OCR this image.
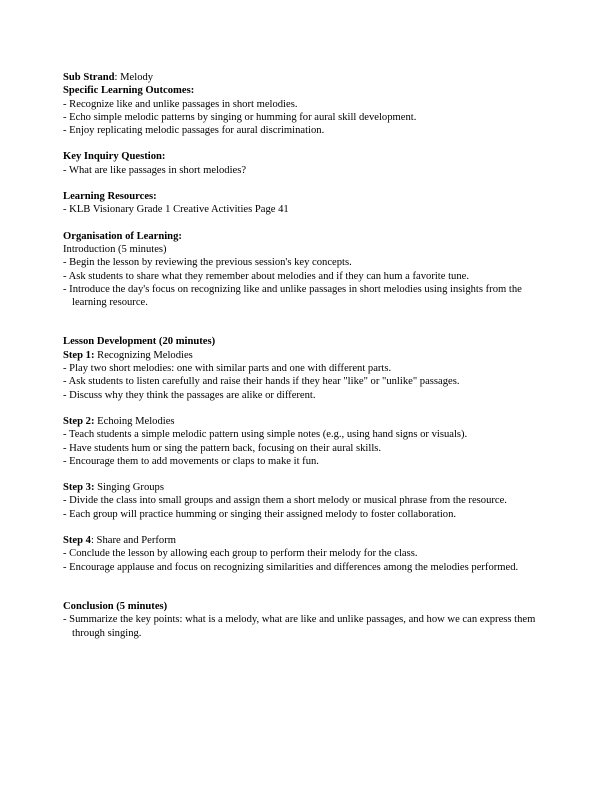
Sub Strand: Melody
Specific Learning Outcomes:
- Recognize like and unlike passages in short melodies.
- Echo simple melodic patterns by singing or humming for aural skill development.
- Enjoy replicating melodic passages for aural discrimination.
Key Inquiry Question:
- What are like passages in short melodies?
Learning Resources:
- KLB Visionary Grade 1 Creative Activities Page 41
Organisation of Learning:
Introduction (5 minutes)
- Begin the lesson by reviewing the previous session's key concepts.
- Ask students to share what they remember about melodies and if they can hum a favorite tune.
- Introduce the day's focus on recognizing like and unlike passages in short melodies using insights from the learning resource.
Lesson Development (20 minutes)
Step 1: Recognizing Melodies
- Play two short melodies: one with similar parts and one with different parts.
- Ask students to listen carefully and raise their hands if they hear "like" or "unlike" passages.
- Discuss why they think the passages are alike or different.
Step 2: Echoing Melodies
- Teach students a simple melodic pattern using simple notes (e.g., using hand signs or visuals).
- Have students hum or sing the pattern back, focusing on their aural skills.
- Encourage them to add movements or claps to make it fun.
Step 3: Singing Groups
- Divide the class into small groups and assign them a short melody or musical phrase from the resource.
- Each group will practice humming or singing their assigned melody to foster collaboration.
Step 4: Share and Perform
- Conclude the lesson by allowing each group to perform their melody for the class.
- Encourage applause and focus on recognizing similarities and differences among the melodies performed.
Conclusion (5 minutes)
- Summarize the key points: what is a melody, what are like and unlike passages, and how we can express them through singing.
